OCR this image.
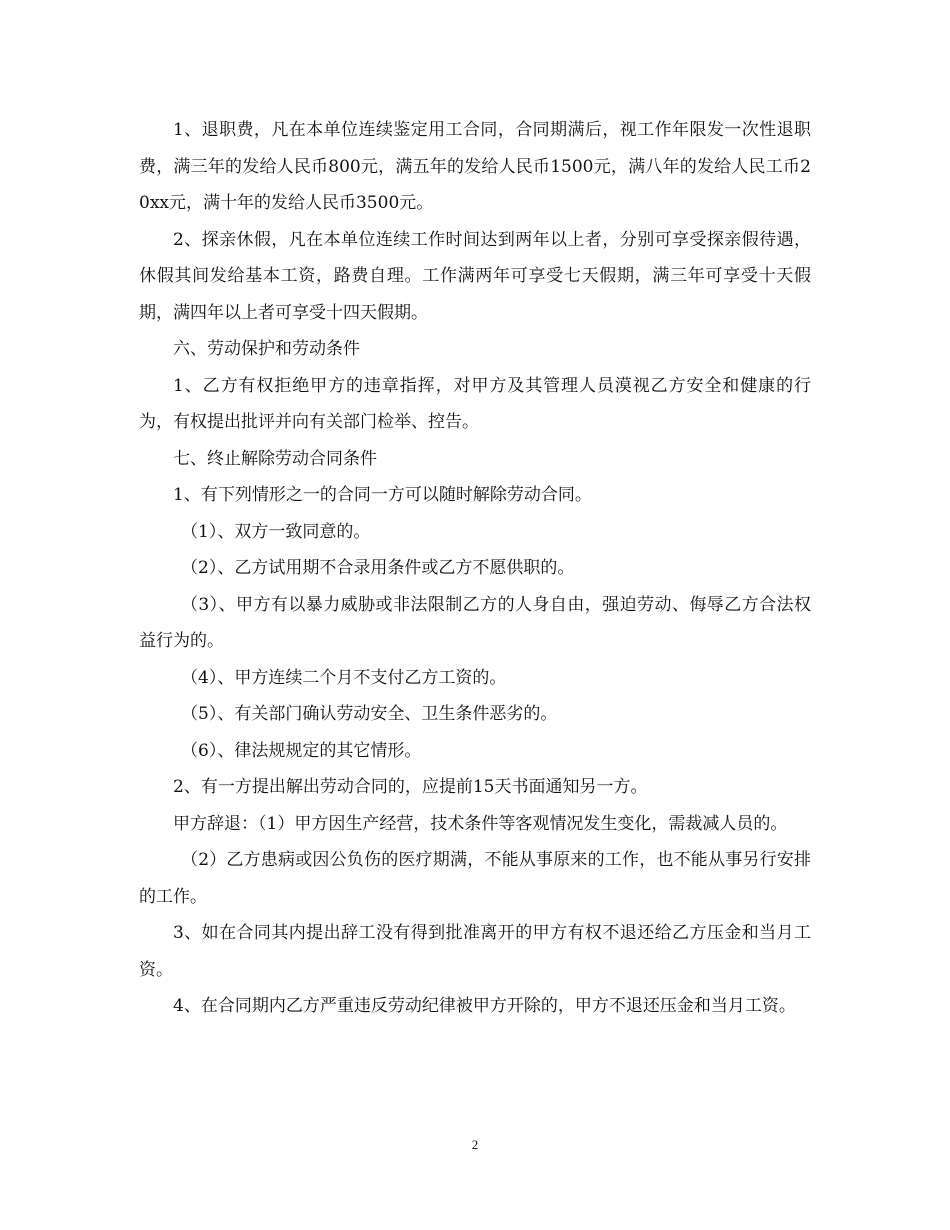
1、退职费，凡在本单位连续鉴定用工合同，合同期满后，视工作年限发一次性退职费，满三年的发给人民币800元，满五年的发给人民币1500元，满八年的发给人民工币20xx元，满十年的发给人民币3500元。

2、探亲休假，凡在本单位连续工作时间达到两年以上者，分别可享受探亲假待遇，休假其间发给基本工资，路费自理。工作满两年可享受七天假期，满三年可享受十天假期，满四年以上者可享受十四天假期。

六、劳动保护和劳动条件

1、乙方有权拒绝甲方的违章指挥，对甲方及其管理人员漠视乙方安全和健康的行为，有权提出批评并向有关部门检举、控告。

七、终止解除劳动合同条件

1、有下列情形之一的合同一方可以随时解除劳动合同。

（1）、双方一致同意的。

（2）、乙方试用期不合录用条件或乙方不愿供职的。

（3）、甲方有以暴力威胁或非法限制乙方的人身自由，强迫劳动、侮辱乙方合法权益行为的。

（4）、甲方连续二个月不支付乙方工资的。

（5）、有关部门确认劳动安全、卫生条件恶劣的。

（6）、律法规规定的其它情形。

2、有一方提出解出劳动合同的，应提前15天书面通知另一方。

甲方辞退：（1）甲方因生产经营，技术条件等客观情况发生变化，需裁减人员的。

（2）乙方患病或因公负伤的医疗期满，不能从事原来的工作，也不能从事另行安排的工作。

3、如在合同其内提出辞工没有得到批准离开的甲方有权不退还给乙方压金和当月工资。

4、在合同期内乙方严重违反劳动纪律被甲方开除的，甲方不退还压金和当月工资。

2
